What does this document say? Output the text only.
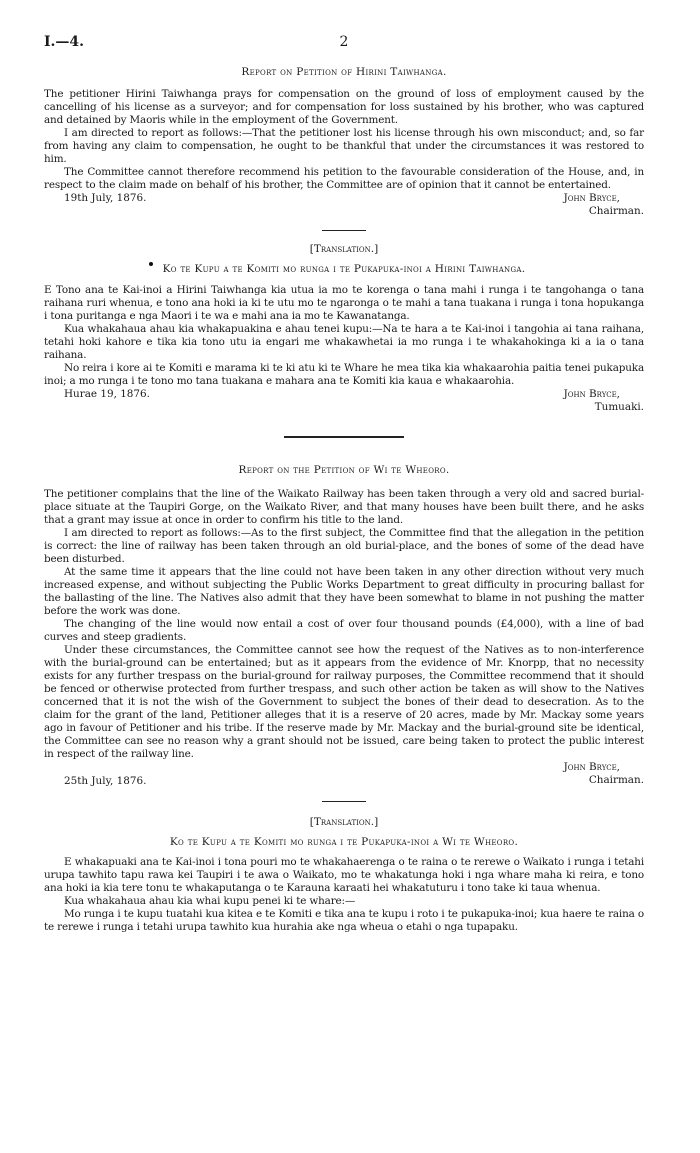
I.—4.	2

Report on Petition of Hirini Taiwhanga.

The petitioner Hirini Taiwhanga prays for compensation on the ground of loss of employment caused by the cancelling of his license as a surveyor; and for compensation for loss sustained by his brother, who was captured and detained by Maoris while in the employment of the Government.

I am directed to report as follows:—That the petitioner lost his license through his own misconduct; and, so far from having any claim to compensation, he ought to be thankful that under the circumstances it was restored to him.

The Committee cannot therefore recommend his petition to the favourable consideration of the House, and, in respect to the claim made on behalf of his brother, the Committee are of opinion that it cannot be entertained.

19th July, 1876.	John Bryce,
Chairman.

[Translation.]

Ko te Kupu a te Komiti mo runga i te Pukapuka-inoi a Hirini Taiwhanga.

E Tono ana te Kai-inoi a Hirini Taiwhanga kia utua ia mo te korenga o tana mahi i runga i te tangohanga o tana raihana ruri whenua, e tono ana hoki ia ki te utu mo te ngaronga o te mahi a tana tuakana i runga i tona hopukanga i tona puritanga e nga Maori i te wa e mahi ana ia mo te Kawanatanga.

Kua whakahaua ahau kia whakapuakina e ahau tenei kupu:—Na te hara a te Kai-inoi i tangohia ai tana raihana, tetahi hoki kahore e tika kia tono utu ia engari me whakawhetai ia mo runga i te whakahokinga ki a ia o tana raihana.

No reira i kore ai te Komiti e marama ki te ki atu ki te Whare he mea tika kia whakaarohia paitia tenei pukapuka inoi; a mo runga i te tono mo tana tuakana e mahara ana te Komiti kia kaua e whakaarohia.

Hurae 19, 1876.	John Bryce,
Tumuaki.

Report on the Petition of Wi te Wheoro.

The petitioner complains that the line of the Waikato Railway has been taken through a very old and sacred burial-place situate at the Taupiri Gorge, on the Waikato River, and that many houses have been built there, and he asks that a grant may issue at once in order to confirm his title to the land.

I am directed to report as follows:—As to the first subject, the Committee find that the allegation in the petition is correct: the line of railway has been taken through an old burial-place, and the bones of some of the dead have been disturbed.

At the same time it appears that the line could not have been taken in any other direction without very much increased expense, and without subjecting the Public Works Department to great difficulty in procuring ballast for the ballasting of the line. The Natives also admit that they have been somewhat to blame in not pushing the matter before the work was done.

The changing of the line would now entail a cost of over four thousand pounds (£4,000), with a line of bad curves and steep gradients.

Under these circumstances, the Committee cannot see how the request of the Natives as to non-interference with the burial-ground can be entertained; but as it appears from the evidence of Mr. Knorpp, that no necessity exists for any further trespass on the burial-ground for railway purposes, the Committee recommend that it should be fenced or otherwise protected from further trespass, and such other action be taken as will show to the Natives concerned that it is not the wish of the Government to subject the bones of their dead to desecration. As to the claim for the grant of the land, Petitioner alleges that it is a reserve of 20 acres, made by Mr. Mackay some years ago in favour of Petitioner and his tribe. If the reserve made by Mr. Mackay and the burial-ground site be identical, the Committee can see no reason why a grant should not be issued, care being taken to protect the public interest in respect of the railway line.

John Bryce,
Chairman.
25th July, 1876.

[Translation.]

Ko te Kupu a te Komiti mo runga i te Pukapuka-inoi a Wi te Wheoro.

E whakapuaki ana te Kai-inoi i tona pouri mo te whakahaerenga o te raina o te rerewe o Waikato i runga i tetahi urupa tawhito tapu rawa kei Taupiri i te awa o Waikato, mo te whakatunga hoki i nga whare maha ki reira, e tono ana hoki ia kia tere tonu te whakaputanga o te Karauna karaati hei whakatuturu i tono take ki taua whenua.

Kua whakahaua ahau kia whai kupu penei ki te whare:—

Mo runga i te kupu tuatahi kua kitea e te Komiti e tika ana te kupu i roto i te pukapuka-inoi; kua haere te raina o te rerewe i runga i tetahi urupa tawhito kua hurahia ake nga wheua o etahi o nga tupapaku.
